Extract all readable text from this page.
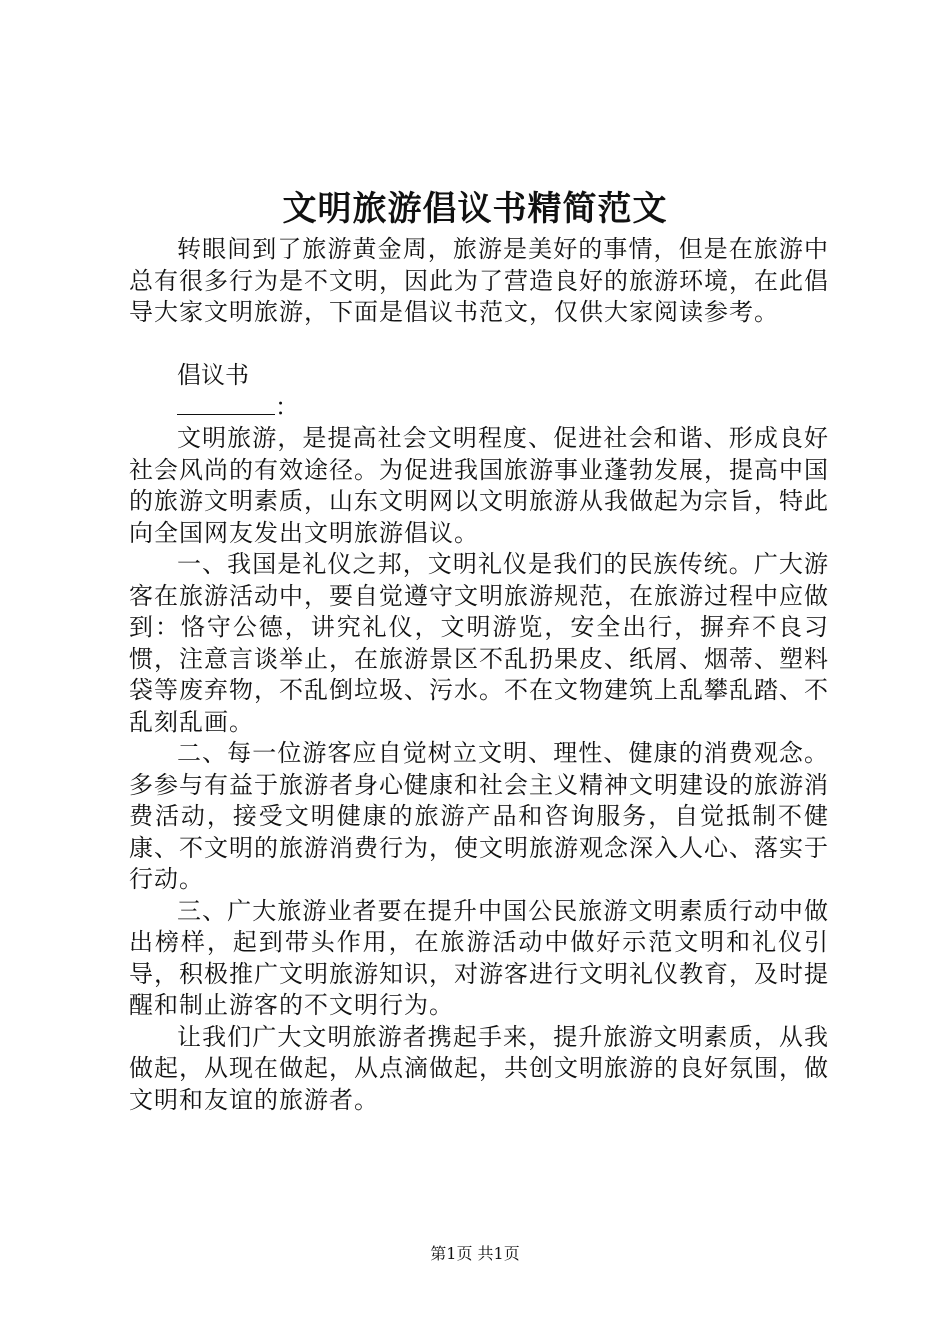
文明旅游倡议书精简范文

转眼间到了旅游黄金周，旅游是美好的事情，但是在旅游中总有很多行为是不文明，因此为了营造良好的旅游环境，在此倡导大家文明旅游，下面是倡议书范文，仅供大家阅读参考。

倡议书

：

文明旅游，是提高社会文明程度、促进社会和谐、形成良好社会风尚的有效途径。为促进我国旅游事业蓬勃发展，提高中国的旅游文明素质，山东文明网以文明旅游从我做起为宗旨，特此向全国网友发出文明旅游倡议。

一、我国是礼仪之邦，文明礼仪是我们的民族传统。广大游客在旅游活动中，要自觉遵守文明旅游规范，在旅游过程中应做到：恪守公德，讲究礼仪，文明游览，安全出行，摒弃不良习惯，注意言谈举止，在旅游景区不乱扔果皮、纸屑、烟蒂、塑料袋等废弃物，不乱倒垃圾、污水。不在文物建筑上乱攀乱踏、不乱刻乱画。

二、每一位游客应自觉树立文明、理性、健康的消费观念。多参与有益于旅游者身心健康和社会主义精神文明建设的旅游消费活动，接受文明健康的旅游产品和咨询服务，自觉抵制不健康、不文明的旅游消费行为，使文明旅游观念深入人心、落实于行动。

三、广大旅游业者要在提升中国公民旅游文明素质行动中做出榜样，起到带头作用，在旅游活动中做好示范文明和礼仪引导，积极推广文明旅游知识，对游客进行文明礼仪教育，及时提醒和制止游客的不文明行为。

让我们广大文明旅游者携起手来，提升旅游文明素质，从我做起，从现在做起，从点滴做起，共创文明旅游的良好氛围，做文明和友谊的旅游者。

第1页 共1页
